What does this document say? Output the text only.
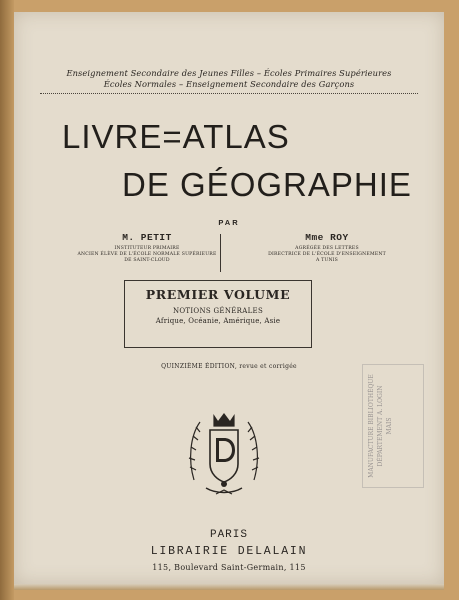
Enseignement Secondaire des Jeunes Filles – Écoles Primaires Supérieures
Écoles Normales – Enseignement Secondaire des Garçons
LIVRE=ATLAS
DE GÉOGRAPHIE
PAR
M. PETIT
INSTITUTEUR PRIMAIRE
ANCIEN ÉLÈVE DE L'ÉCOLE NORMALE SUPÉRIEURE
DE SAINT-CLOUD
Mme ROY
AGRÉGÉE DES LETTRES
DIRECTRICE DE L'ÉCOLE D'ENSEIGNEMENT
A TUNIS
PREMIER VOLUME
NOTIONS GÉNÉRALES
Afrique, Océanie, Amérique, Asie
QUINZIÈME ÉDITION, revue et corrigée
MANUFACTURE BIBLIOTHÈQUE DÉPARTEMENT A. LOGIN MAIS
PARIS
LIBRAIRIE DELALAIN
115, Boulevard Saint-Germain, 115
